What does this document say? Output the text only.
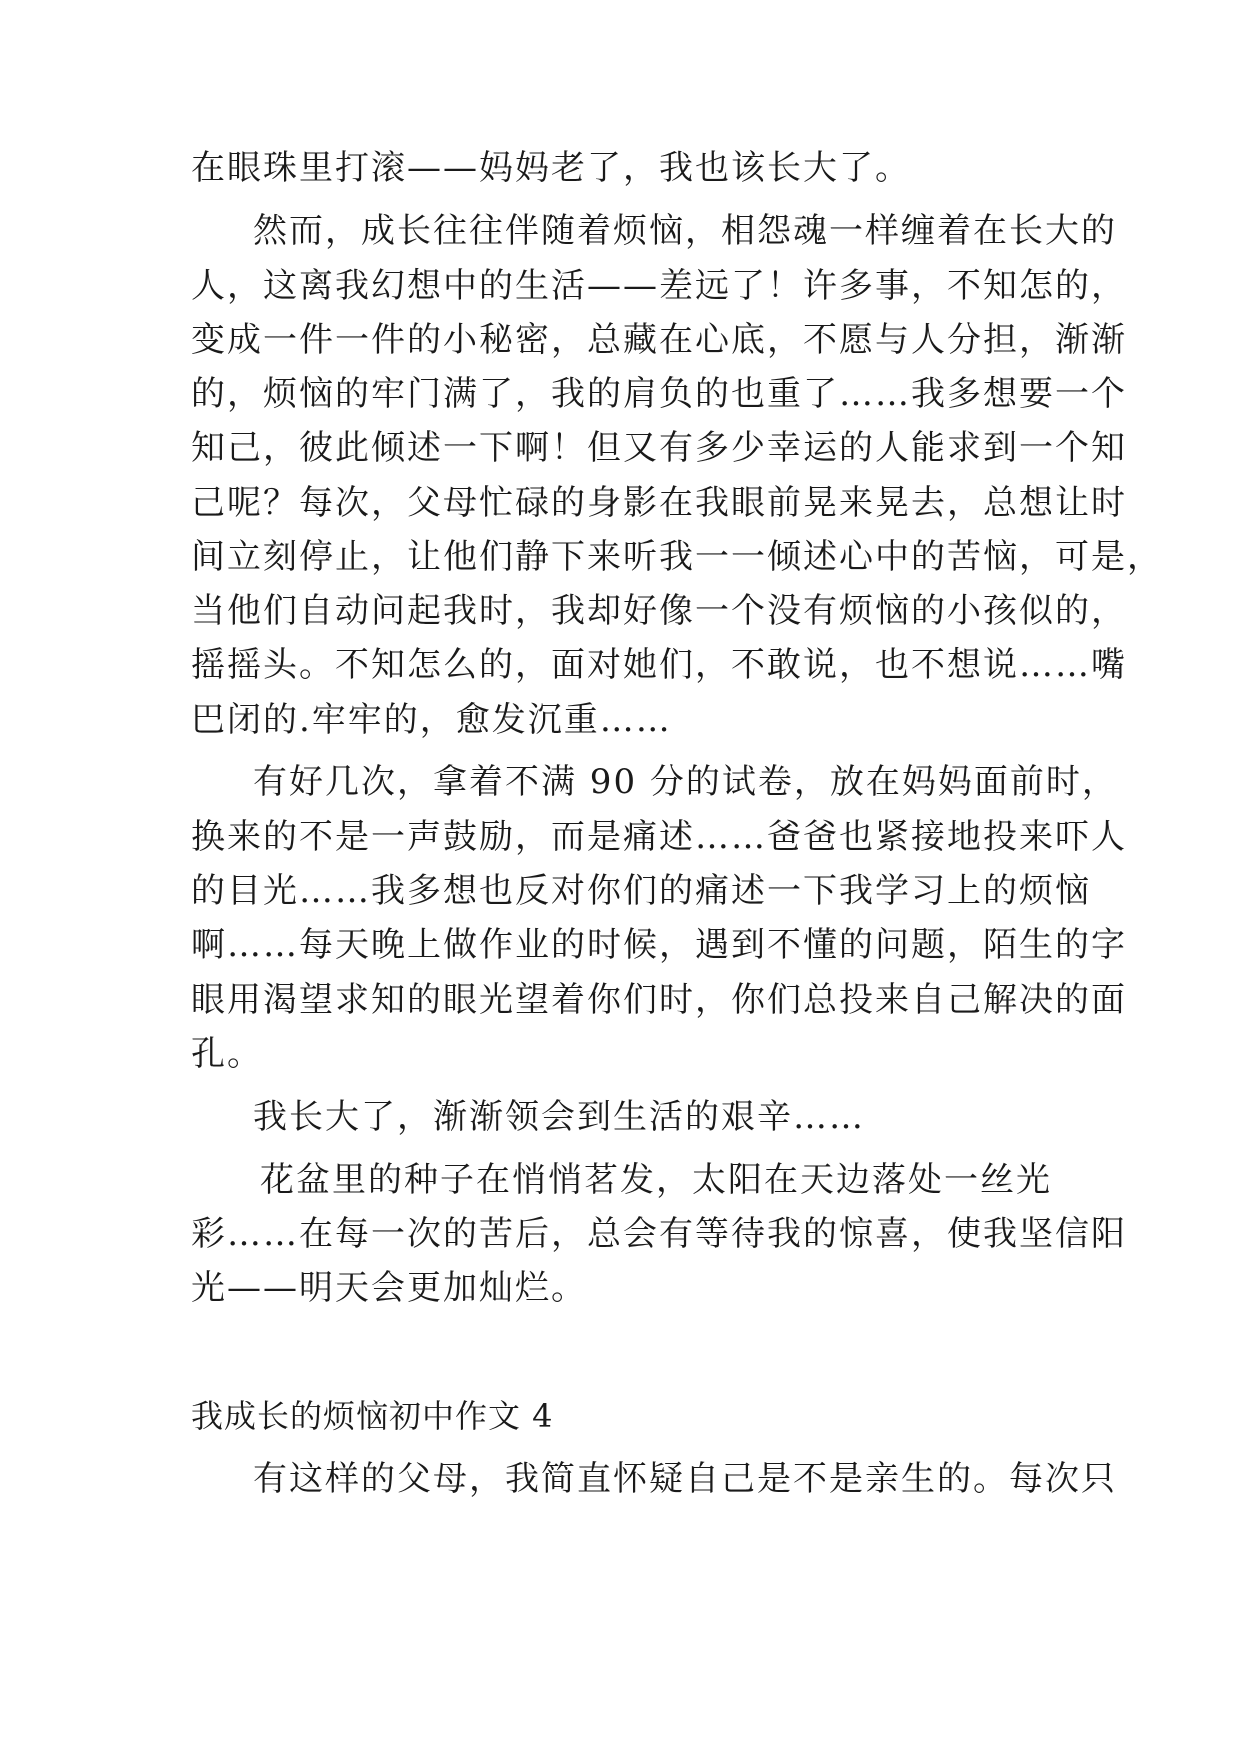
在眼珠里打滚——妈妈老了，我也该长大了。
然而，成长往往伴随着烦恼，相怨魂一样缠着在长大的
人，这离我幻想中的生活——差远了！许多事，不知怎的，
变成一件一件的小秘密，总藏在心底，不愿与人分担，渐渐
的，烦恼的牢门满了，我的肩负的也重了……我多想要一个
知己，彼此倾述一下啊！但又有多少幸运的人能求到一个知
己呢？每次，父母忙碌的身影在我眼前晃来晃去，总想让时
间立刻停止，让他们静下来听我一一倾述心中的苦恼，可是，
当他们自动问起我时，我却好像一个没有烦恼的小孩似的，
摇摇头。不知怎么的，面对她们，不敢说，也不想说……嘴
巴闭的.牢牢的，愈发沉重……
有好几次，拿着不满 90 分的试卷，放在妈妈面前时，
换来的不是一声鼓励，而是痛述……爸爸也紧接地投来吓人
的目光……我多想也反对你们的痛述一下我学习上的烦恼
啊……每天晚上做作业的时候，遇到不懂的问题，陌生的字
眼用渴望求知的眼光望着你们时，你们总投来自己解决的面
孔。
我长大了，渐渐领会到生活的艰辛……
花盆里的种子在悄悄茗发，太阳在天边落处一丝光
彩……在每一次的苦后，总会有等待我的惊喜，使我坚信阳
光——明天会更加灿烂。
我成长的烦恼初中作文 4
有这样的父母，我简直怀疑自己是不是亲生的。每次只
